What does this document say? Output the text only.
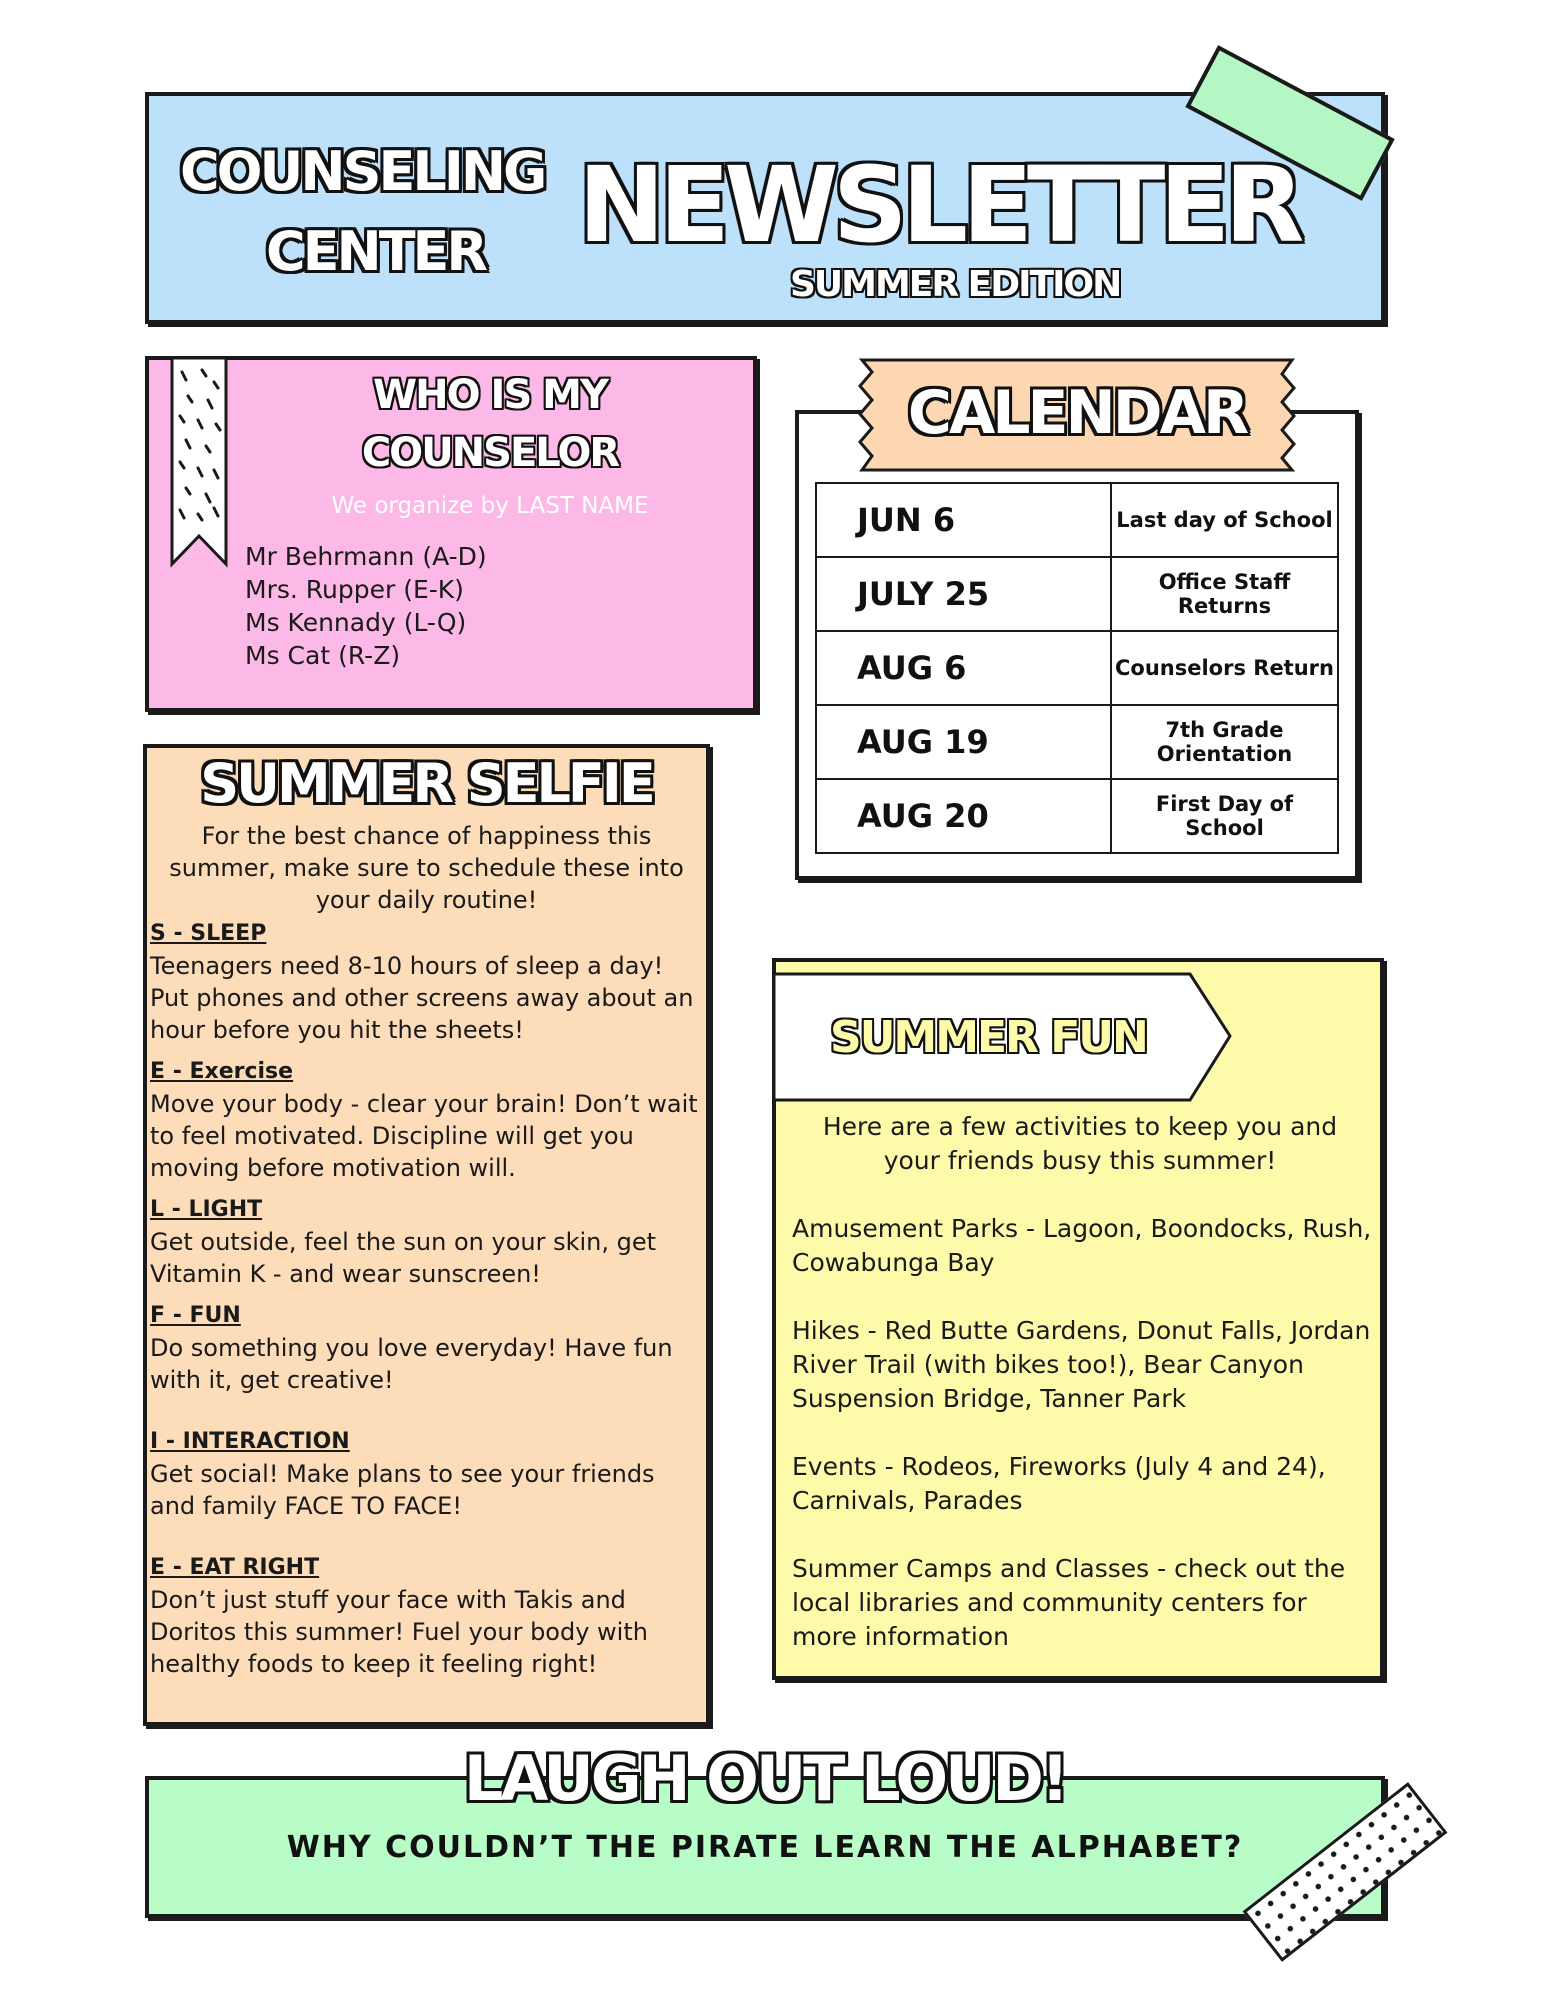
COUNSELING
CENTER NEWSLETTER
SUMMER EDITION
WHO IS MY
COUNSELOR
We organize by LAST NAME
Mr Behrmann (A-D)
Mrs. Rupper (E-K)
Ms Kennady (L-Q)
Ms Cat (R-Z)
CALENDAR
JUN 6	Last day of School
JULY 25	Office Staff Returns
AUG 6	Counselors Return
AUG 19	7th Grade Orientation
AUG 20	First Day of School
SUMMER SELFIE
For the best chance of happiness this summer, make sure to schedule these into your daily routine!
S - SLEEP
Teenagers need 8-10 hours of sleep a day! Put phones and other screens away about an hour before you hit the sheets!
E - Exercise
Move your body - clear your brain! Don’t wait to feel motivated. Discipline will get you moving before motivation will.
L - LIGHT
Get outside, feel the sun on your skin, get Vitamin K - and wear sunscreen!
F - FUN
Do something you love everyday! Have fun with it, get creative!
I - INTERACTION
Get social! Make plans to see your friends and family FACE TO FACE!
E - EAT RIGHT
Don’t just stuff your face with Takis and Doritos this summer! Fuel your body with healthy foods to keep it feeling right!
SUMMER FUN
Here are a few activities to keep you and your friends busy this summer!
Amusement Parks - Lagoon, Boondocks, Rush, Cowabunga Bay
Hikes - Red Butte Gardens, Donut Falls, Jordan River Trail (with bikes too!), Bear Canyon Suspension Bridge, Tanner Park
Events - Rodeos, Fireworks (July 4 and 24), Carnivals, Parades
Summer Camps and Classes - check out the local libraries and community centers for more information
LAUGH OUT LOUD!
WHY COULDN’T THE PIRATE LEARN THE ALPHABET?
